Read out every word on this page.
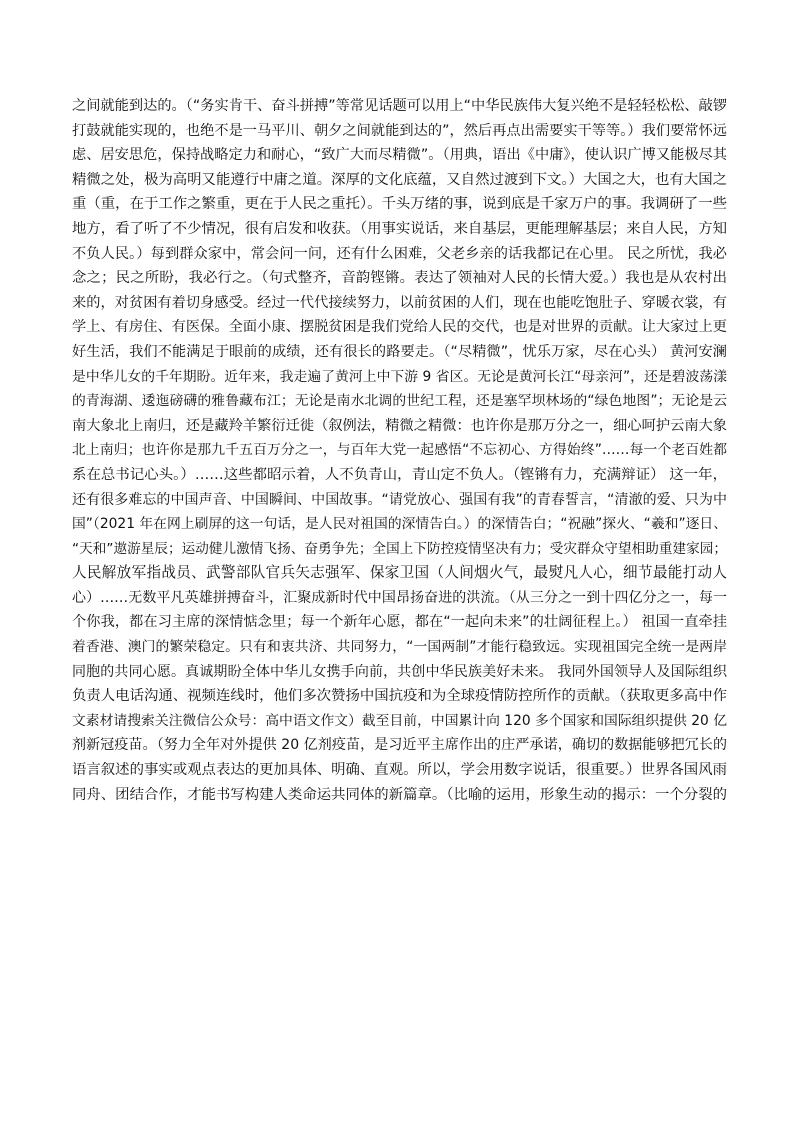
之间就能到达的。（“务实肯干、奋斗拼搏”等常见话题可以用上“中华民族伟大复兴绝不是轻轻松松、敲锣
打鼓就能实现的，也绝不是一马平川、朝夕之间就能到达的”，然后再点出需要实干等等。）我们要常怀远
虑、居安思危，保持战略定力和耐心，“致广大而尽精微”。（用典，语出《中庸》，使认识广博又能极尽其
精微之处，极为高明又能遵行中庸之道。深厚的文化底蕴，又自然过渡到下文。）大国之大，也有大国之
重（重，在于工作之繁重，更在于人民之重托）。千头万绪的事，说到底是千家万户的事。我调研了一些
地方，看了听了不少情况，很有启发和收获。（用事实说话，来自基层，更能理解基层；来自人民，方知
不负人民。）每到群众家中，常会问一问，还有什么困难，父老乡亲的话我都记在心里。 民之所忧，我必
念之；民之所盼，我必行之。（句式整齐，音韵铿锵。表达了领袖对人民的长情大爱。）我也是从农村出
来的，对贫困有着切身感受。经过一代代接续努力，以前贫困的人们，现在也能吃饱肚子、穿暖衣裳，有
学上、有房住、有医保。全面小康、摆脱贫困是我们党给人民的交代，也是对世界的贡献。让大家过上更
好生活，我们不能满足于眼前的成绩，还有很长的路要走。（“尽精微”，忧乐万家，尽在心头） 黄河安澜
是中华儿女的千年期盼。近年来，我走遍了黄河上中下游 9 省区。无论是黄河长江“母亲河”，还是碧波荡漾
的青海湖、逶迤磅礴的雅鲁藏布江；无论是南水北调的世纪工程，还是塞罕坝林场的“绿色地图”；无论是云
南大象北上南归，还是藏羚羊繁衍迁徙（叙例法，精微之精微：也许你是那万分之一，细心呵护云南大象
北上南归；也许你是那九千五百万分之一，与百年大党一起感悟“不忘初心、方得始终”……每一个老百姓都
系在总书记心头。）……这些都昭示着，人不负青山，青山定不负人。（铿锵有力，充满辩证） 这一年，
还有很多难忘的中国声音、中国瞬间、中国故事。“请党放心、强国有我”的青春誓言，“清澈的爱、只为中
国”（2021 年在网上刷屏的这一句话，是人民对祖国的深情告白。）的深情告白；“祝融”探火、“羲和”逐日、
“天和”遨游星辰；运动健儿激情飞扬、奋勇争先；全国上下防控疫情坚决有力；受灾群众守望相助重建家园；
人民解放军指战员、武警部队官兵矢志强军、保家卫国（人间烟火气，最熨凡人心，细节最能打动人
心）……无数平凡英雄拼搏奋斗，汇聚成新时代中国昂扬奋进的洪流。（从三分之一到十四亿分之一，每一
个你我，都在习主席的深情惦念里；每一个新年心愿，都在“一起向未来”的壮阔征程上。） 祖国一直牵挂
着香港、澳门的繁荣稳定。只有和衷共济、共同努力，“一国两制”才能行稳致远。实现祖国完全统一是两岸
同胞的共同心愿。真诚期盼全体中华儿女携手向前，共创中华民族美好未来。 我同外国领导人及国际组织
负责人电话沟通、视频连线时，他们多次赞扬中国抗疫和为全球疫情防控所作的贡献。（获取更多高中作
文素材请搜索关注微信公众号：高中语文作文）截至目前，中国累计向 120 多个国家和国际组织提供 20 亿
剂新冠疫苗。（努力全年对外提供 20 亿剂疫苗，是习近平主席作出的庄严承诺，确切的数据能够把冗长的
语言叙述的事实或观点表达的更加具体、明确、直观。所以，学会用数字说话，很重要。）世界各国风雨
同舟、团结合作，才能书写构建人类命运共同体的新篇章。（比喻的运用，形象生动的揭示：一个分裂的
